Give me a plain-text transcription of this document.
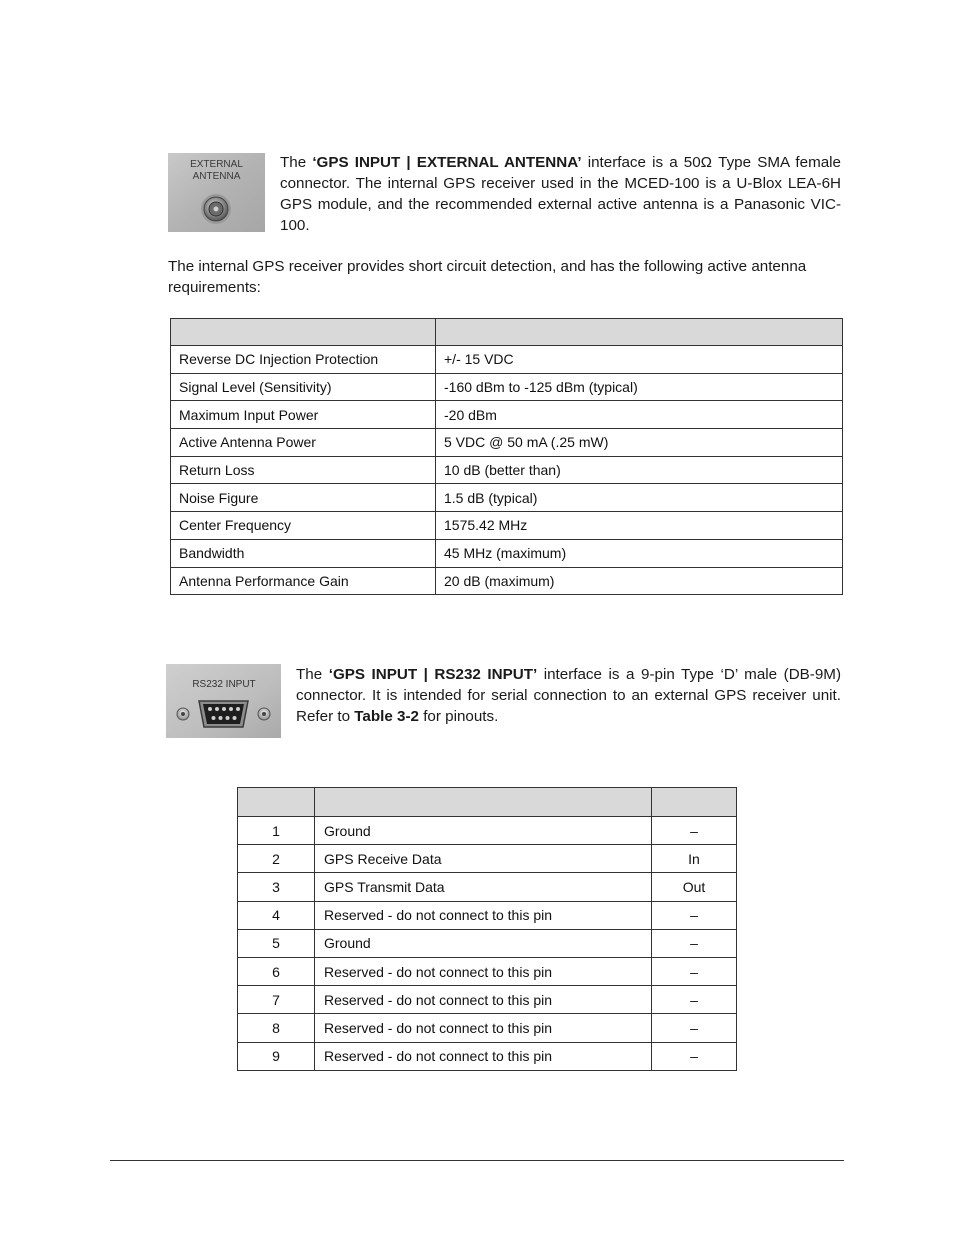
EXTERNAL
ANTENNA
The ‘GPS INPUT | EXTERNAL ANTENNA’ interface is a 50Ω Type SMA female connector. The internal GPS receiver used in the MCED-100 is a U-Blox LEA-6H GPS module, and the recommended external active antenna is a Panasonic VIC-100.
The internal GPS receiver provides short circuit detection, and has the following active antenna requirements:

Reverse DC Injection Protection	+/- 15 VDC
Signal Level (Sensitivity)	-160 dBm to -125 dBm (typical)
Maximum Input Power	-20 dBm
Active Antenna Power	5 VDC @ 50 mA (.25 mW)
Return Loss	10 dB (better than)
Noise Figure	1.5 dB (typical)
Center Frequency	1575.42 MHz
Bandwidth	45 MHz (maximum)
Antenna Performance Gain	20 dB (maximum)
RS232 INPUT
The ‘GPS INPUT | RS232 INPUT’ interface is a 9-pin Type ‘D’ male (DB-9M) connector. It is intended for serial connection to an external GPS receiver unit. Refer to Table 3-2 for pinouts.

1	Ground	–
2	GPS Receive Data	In
3	GPS Transmit Data	Out
4	Reserved - do not connect to this pin	–
5	Ground	–
6	Reserved - do not connect to this pin	–
7	Reserved - do not connect to this pin	–
8	Reserved - do not connect to this pin	–
9	Reserved - do not connect to this pin	–
